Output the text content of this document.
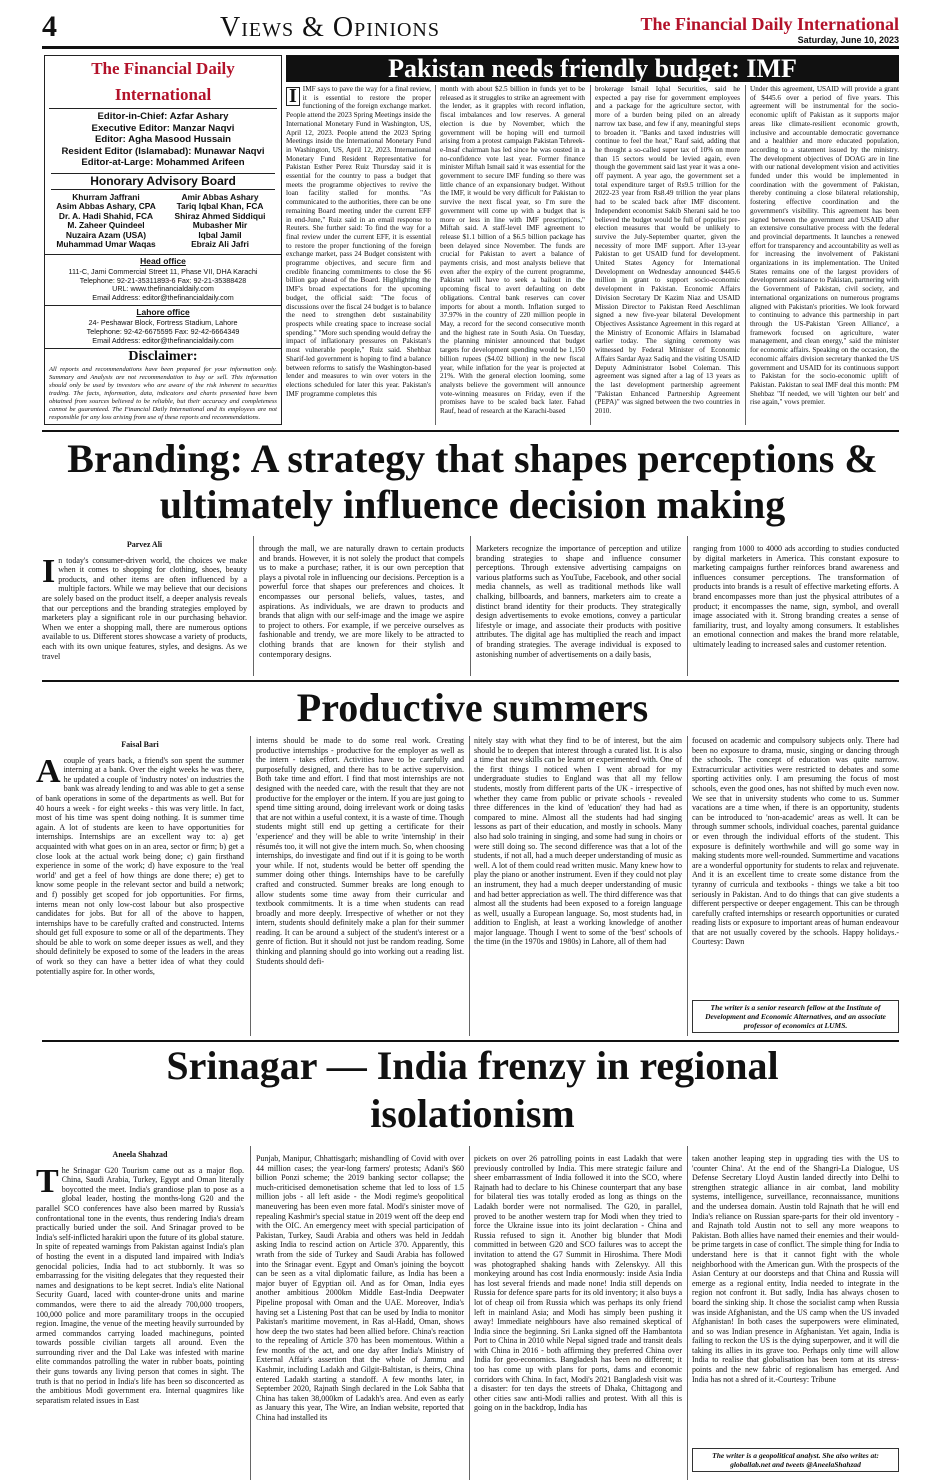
4	Views & Opinions	The Financial Daily International
Saturday, June 10, 2023
The Financial Daily International
Editor-in-Chief: Azfar Ashary
Executive Editor: Manzar Naqvi
Editor: Agha Masood Hussain
Resident Editor (Islamabad): Munawar Naqvi
Editor-at-Large: Mohammed Arifeen
Honorary Advisory Board
Khurram Jaffrani
Asim Abbas Ashary, CPA
Dr. A. Hadi Shahid, FCA
M. Zaheer Quindeel
Nuzaira Azam (USA)
Muhammad Umar Waqas
Amir Abbas Ashary
Tariq Iqbal Khan, FCA
Shiraz Ahmed Siddiqui
Mubasher Mir
Iqbal Jamil
Ebraiz Ali Jafri
Head office
111-C, Jami Commercial Street 11, Phase VII, DHA Karachi
Telephone: 92-21-35311893-6 Fax: 92-21-35388428
URL: www.thefinancialdaily.com
Email Address: editor@thefinancialdaily.com
Lahore office
24- Peshawar Block, Fortress Stadium, Lahore
Telephone: 92-42-6675595 Fax: 92-42-6664349
Email Address: editor@thefinancialdaily.com
Disclaimer:
All reports and recommendations have been prepared for your information only. Summary and Analysis are not recommendation to buy or sell. This information should only be used by investors who are aware of the risk inherent in securities trading. The facts, information, data, indicators and charts presented have been obtained from sources believed to be reliable, but their accuracy and completeness cannot be guaranteed. The Financial Daily International and its employees are not responsible for any loss arising from use of these reports and recommendations.
Pakistan needs friendly budget: IMF
I IMF says to pave the way for a final review, it is essential to restore the proper functioning of the foreign exchange market. People attend the 2023 Spring Meetings inside the International Monetary Fund in Washington, US, April 12, 2023. People attend the 2023 Spring Meetings inside the International Monetary Fund in Washington, US, April 12, 2023. International Monetary Fund Resident Representative for Pakistan Esther Perez Ruiz Thursday said it is essential for the country to pass a budget that meets the programme objectives to revive the loan facility stalled for months. "As communicated to the authorities, there can be one remaining Board meeting under the current EFF in end-June," Ruiz said in an email response to Reuters. She further said: To find the way for a final review under the current EFF, it is essential to restore the proper functioning of the foreign exchange market, pass 24 Budget consistent with programme objectives, and secure firm and credible financing commitments to close the $6 billion gap ahead of the Board. Highlighting the IMF's broad expectations for the upcoming budget, the official said: "The focus of discussions over the fiscal 24 budget is to balance the need to strengthen debt sustainability prospects while creating space to increase social spending." "More such spending would defray the impact of inflationary pressures on Pakistan's most vulnerable people," Ruiz said. Shehbaz Sharif-led government is hoping to find a balance between reforms to satisfy the Washington-based lender and measures to win over voters in the elections scheduled for later this year. Pakistan's IMF programme completes this
month with about $2.5 billion in funds yet to be released as it struggles to strike an agreement with the lender, as it grapples with record inflation, fiscal imbalances and low reserves. A general election is due by November, which the government will be hoping will end turmoil arising from a protest campaign Pakistan Tehreek-e-Insaf chairman has led since he was ousted in a no-confidence vote last year. Former finance minister Miftah Ismail said it was essential for the government to secure IMF funding so there was little chance of an expansionary budget. Without the IMF, it would be very difficult for Pakistan to survive the next fiscal year, so I'm sure the government will come up with a budget that is more or less in line with IMF prescriptions," Miftah said. A staff-level IMF agreement to release $1.1 billion of a $6.5 billion package has been delayed since November. The funds are crucial for Pakistan to avert a balance of payments crisis, and most analysts believe that even after the expiry of the current programme, Pakistan will have to seek a bailout in the upcoming fiscal to avert defaulting on debt obligations. Central bank reserves can cover imports for about a month. Inflation surged to 37.97% in the country of 220 million people in May, a record for the second consecutive month and the highest rate in South Asia. On Tuesday, the planning minister announced that budget targets for development spending would be 1,150 billion rupees ($4.02 billion) in the new fiscal year, while inflation for the year is projected at 21%. With the general election looming, some analysts believe the government will announce vote-winning measures on Friday, even if the promises have to be scaled back later. Fahad Rauf, head of research at the Karachi-based
brokerage Ismail Iqbal Securities, said he expected a pay rise for government employees and a package for the agriculture sector, with more of a burden being piled on an already narrow tax base, and few if any, meaningful steps to broaden it. "Banks and taxed industries will continue to feel the heat," Rauf said, adding that he thought a so-called super tax of 10% on more than 15 sectors would be levied again, even though the government said last year it was a one-off payment. A year ago, the government set a total expenditure target of Rs9.5 trillion for the 2022-23 year from Rs8.49 trillion the year plans had to be scaled back after IMF discontent. Independent economist Sakib Sherani said he too believed the budget would be full of populist pre-election measures that would be unlikely to survive the July-September quarter, given the necessity of more IMF support. After 13-year Pakistan to get USAID fund for development. United States Agency for International Development on Wednesday announced $445.6 million in grant to support socio-economic development in Pakistan. Economic Affairs Division Secretary Dr Kazim Niaz and USAID Mission Director to Pakistan Reed Aeschliman signed a new five-year bilateral Development Objectives Assistance Agreement in this regard at the Ministry of Economic Affairs in Islamabad earlier today. The signing ceremony was witnessed by Federal Minister of Economic Affairs Sardar Ayaz Sadiq and the visiting USAID Deputy Administrator Isobel Coleman. This agreement was signed after a lag of 13 years as the last development partnership agreement "Pakistan Enhanced Partnership Agreement (PEPA)" was signed between the two countries in 2010.
Under this agreement, USAID will provide a grant of $445.6 over a period of five years. This agreement will be instrumental for the socio-economic uplift of Pakistan as it supports major areas like climate-resilient economic growth, inclusive and accountable democratic governance and a healthier and more educated population, according to a statement issued by the ministry. The development objectives of DOAG are in line with our national development vision and activities funded under this would be implemented in coordination with the government of Pakistan, thereby continuing a close bilateral relationship, fostering effective coordination and the government's visibility. This agreement has been signed between the government and USAID after an extensive consultative process with the federal and provincial departments. It launches a renewed effort for transparency and accountability as well as for increasing the involvement of Pakistani organizations in its implementation. The United States remains one of the largest providers of development assistance to Pakistan, partnering with the Government of Pakistan, civil society, and international organizations on numerous programs aligned with Pakistan's priorities. We look forward to continuing to advance this partnership in part through the US-Pakistan 'Green Alliance', a framework focused on agriculture, water management, and clean energy," said the minister for economic affairs. Speaking on the occasion, the economic affairs division secretary thanked the US government and USAID for its continuous support to Pakistan for the socio-economic uplift of Pakistan. Pakistan to seal IMF deal this month: PM Shehbaz "If needed, we will 'tighten our belt' and rise again," vows premier.
Branding: A strategy that shapes perceptions & ultimately influence decision making
Parvez Ali
I n today's consumer-driven world, the choices we make when it comes to shopping for clothing, shoes, beauty products, and other items are often influenced by a multiple factors. While we may believe that our decisions are solely based on the product itself, a deeper analysis reveals that our perceptions and the branding strategies employed by marketers play a significant role in our purchasing behavior. When we enter a shopping mall, there are numerous options available to us. Different stores showcase a variety of products, each with its own unique features, styles, and designs. As we travel
through the mall, we are naturally drawn to certain products and brands. However, it is not solely the product that compels us to make a purchase; rather, it is our own perception that plays a pivotal role in influencing our decisions. Perception is a powerful force that shapes our preferences and choices. It encompasses our personal beliefs, values, tastes, and aspirations. As individuals, we are drawn to products and brands that align with our self-image and the image we aspire to project to others. For example, if we perceive ourselves as fashionable and trendy, we are more likely to be attracted to clothing brands that are known for their stylish and contemporary designs.
Marketers recognize the importance of perception and utilize branding strategies to shape and influence consumer perceptions. Through extensive advertising campaigns on various platforms such as YouTube, Facebook, and other social media channels, as well as traditional methods like wall chalking, billboards, and banners, marketers aim to create a distinct brand identity for their products. They strategically design advertisements to evoke emotions, convey a particular lifestyle or image, and associate their products with positive attributes. The digital age has multiplied the reach and impact of branding strategies. The average individual is exposed to astonishing number of advertisements on a daily basis,
ranging from 1000 to 4000 ads according to studies conducted by digital marketers in America. This constant exposure to marketing campaigns further reinforces brand awareness and influences consumer perceptions. The transformation of products into brands is a result of effective marketing efforts. A brand encompasses more than just the physical attributes of a product; it encompasses the name, sign, symbol, and overall image associated with it. Strong branding creates a sense of familiarity, trust, and loyalty among consumers. It establishes an emotional connection and makes the brand more relatable, ultimately leading to increased sales and customer retention.
Productive summers
Faisal Bari
A couple of years back, a friend's son spent the summer interning at a bank. Over the eight weeks he was there, he updated a couple of 'industry notes' on industries the bank was already lending to and was able to get a sense of bank operations in some of the departments as well. But for 40 hours a week - for eight weeks - this was very little. In fact, most of his time was spent doing nothing. It is summer time again. A lot of students are keen to have opportunities for internships. Internships are an excellent way to: a) get acquainted with what goes on in an area, sector or firm; b) get a close look at the actual work being done; c) gain firsthand experience in some of the work; d) have exposure to the 'real world' and get a feel of how things are done there; e) get to know some people in the relevant sector and build a network; and f) possibly get scoped for job opportunities. For firms, interns mean not only low-cost labour but also prospective candidates for jobs. But for all of the above to happen, internships have to be carefully crafted and constructed. Interns should get full exposure to some or all of the departments. They should be able to work on some deeper issues as well, and they should definitely be exposed to some of the leaders in the areas of work so they can have a better idea of what they could potentially aspire for. In other words,
interns should be made to do some real work. Creating productive internships - productive for the employer as well as the intern - takes effort. Activities have to be carefully and purposefully designed, and there has to be active supervision. Both take time and effort. I find that most internships are not designed with the needed care, with the result that they are not productive for the employer or the intern. If you are just going to spend time sitting around, doing irrelevant work or doing tasks that are not within a useful context, it is a waste of time. Though students might still end up getting a certificate for their 'experience' and they will be able to write 'internship' in their résumés too, it will not give the intern much. So, when choosing internships, do investigate and find out if it is going to be worth your while. If not, students would be better off spending the summer doing other things. Internships have to be carefully crafted and constructed. Summer breaks are long enough to allow students some time away from their curricular and textbook commitments. It is a time when students can read broadly and more deeply. Irrespective of whether or not they intern, students should definitely make a plan for their summer reading. It can be around a subject of the student's interest or a genre of fiction. But it should not just be random reading. Some thinking and planning should go into working out a reading list. Students should defi-
nitely stay with what they find to be of interest, but the aim should be to deepen that interest through a curated list. It is also a time that new skills can be learnt or experimented with. One of the first things I noticed when I went abroad for my undergraduate studies to England was that all my fellow students, mostly from different parts of the UK - irrespective of whether they came from public or private schools - revealed three differences in the kind of 'education' they had had as compared to mine. Almost all the students had had singing lessons as part of their education, and mostly in schools. Many also had solo training in singing, and some had sung in choirs or were still doing so. The second difference was that a lot of the students, if not all, had a much deeper understanding of music as well. A lot of them could read written music. Many knew how to play the piano or another instrument. Even if they could not play an instrument, they had a much deeper understanding of music and had better appreciation as well. The third difference was that almost all the students had been exposed to a foreign language as well, usually a European language. So, most students had, in addition to English, at least a working knowledge of another major language. Though I went to some of the 'best' schools of the time (in the 1970s and 1980s) in Lahore, all of them had
focused on academic and compulsory subjects only. There had been no exposure to drama, music, singing or dancing through the schools. The concept of education was quite narrow. Extracurricular activities were restricted to debates and some sporting activities only. I am presuming the focus of most schools, even the good ones, has not shifted by much even now. We see that in university students who come to us. Summer vacations are a time when, if there is an opportunity, students can be introduced to 'non-academic' areas as well. It can be through summer schools, individual coaches, parental guidance or even through the individual efforts of the student. This exposure is definitely worthwhile and will go some way in making students more well-rounded. Summertime and vacations are a wonderful opportunity for students to relax and rejuvenate. And it is an excellent time to create some distance from the tyranny of curricula and textbooks - things we take a bit too seriously in Pakistan. And to do things that can give students a different perspective or deeper engagement. This can be through carefully crafted internships or research opportunities or curated reading lists or exposure to important areas of human endeavour that are not usually covered by the schools. Happy holidays.-Courtesy: Dawn
The writer is a senior research fellow at the Institute of Development and Economic Alternatives, and an associate professor of economics at LUMS.
Srinagar — India frenzy in regional isolationism
Aneela Shahzad
T he Srinagar G20 Tourism came out as a major flop. China, Saudi Arabia, Turkey, Egypt and Oman literally boycotted the meet. India's grandiose plan to pose as a global leader, hosting the months-long G20 and the parallel SCO conferences have also been marred by Russia's confrontational tone in the events, thus rendering India's dream practically buried under the soil. And Srinagar proved to be India's self-inflicted harakiri upon the future of its global stature. In spite of repeated warnings from Pakistan against India's plan of hosting the event in a disputed land impaired with India's genocidal policies, India had to act stubbornly. It was so embarrassing for the visiting delegates that they requested their names and designations to be kept secret. India's elite National Security Guard, laced with counter-drone units and marine commandos, were there to aid the already 700,000 troopers, 100,000 police and more paramilitary troops in the occupied region. Imagine, the venue of the meeting heavily surrounded by armed commandos carrying loaded machineguns, pointed towards possible civilian targets all around. Even the surrounding river and the Dal Lake was infested with marine elite commandos patrolling the water in rubber boats, pointing their guns towards any living person that comes in sight. The truth is that no period in India's life has been so disconcerted as the ambitious Modi government era. Internal quagmires like separatism related issues in East
Punjab, Manipur, Chhattisgarh; mishandling of Covid with over 44 million cases; the year-long farmers' protests; Adani's $60 billion Ponzi scheme; the 2019 banking sector collapse; the much-criticised demonetisation scheme that led to loss of 1.5 million jobs - all left aside - the Modi regime's geopolitical maneuvering has been even more fatal. Modi's sinister move of repealing Kashmir's special statue in 2019 went off the deep end with the OIC. An emergency meet with special participation of Pakistan, Turkey, Saudi Arabia and others was held in Jeddah asking India to rescind action on Article 370. Apparently, this wrath from the side of Turkey and Saudi Arabia has followed into the Srinagar event. Egypt and Oman's joining the boycott can be seen as a vital diplomatic failure, as India has been a major buyer of Egyptian oil. And as for Oman, India eyes another ambitious 2000km Middle East-India Deepwater Pipeline proposal with Oman and the UAE. Moreover, India's having set a Listening Post that can be used by India to monitor Pakistan's maritime movement, in Ras al-Hadd, Oman, shows how deep the two states had been allied before. China's reaction to the repealing of Article 370 has been momentous. Within a few months of the act, and one day after India's Ministry of External Affair's assertion that the whole of Jammu and Kashmir, including Ladakh and Gilgit-Baltistan, is theirs, China entered Ladakh starting a standoff. A few months later, in September 2020, Rajnath Singh declared in the Lok Sabha that China has taken 38,000km of Ladakh's area. And even as early as January this year, The Wire, an Indian website, reported that China had installed its
pickets on over 26 patrolling points in east Ladakh that were previously controlled by India. This mere strategic failure and sheer embarrassment of India followed it into the SCO, where Rajnath had to declare to his Chinese counterpart that any base for bilateral ties was totally eroded as long as things on the Ladakh border were not normalised. The G20, in parallel, proved to be another western trap for Modi when they tried to force the Ukraine issue into its joint declaration - China and Russia refused to sign it. Another big blunder that Modi committed in between G20 and SCO failures was to accept the invitation to attend the G7 Summit in Hiroshima. There Modi was photographed shaking hands with Zelenskyy. All this monkeying around has cost India enormously: inside Asia India has lost several friends and made none! India still depends on Russia for defence spare parts for its old inventory; it also buys a lot of cheap oil from Russia which was perhaps its only friend left in mainland Asia; and Modi has simply been pushing it away! Immediate neighbours have also remained skeptical of India since the beginning. Sri Lanka signed off the Hambantota Port to China in 2010 while Nepal signed trade and transit deals with China in 2016 - both affirming they preferred China over India for geo-economics. Bangladesh has been no different; it too has come up with plans for ports, dams and economic corridors with China. In fact, Modi's 2021 Bangladesh visit was a disaster: for ten days the streets of Dhaka, Chittagong and other cities saw anti-Modi rallies and protest. With all this is going on in the backdrop, India has
taken another leaping step in upgrading ties with the US to 'counter China'. At the end of the Shangri-La Dialogue, US Defense Secretary Lloyd Austin landed directly into Delhi to strengthen strategic alliance in air combat, land mobility systems, intelligence, surveillance, reconnaissance, munitions and the undersea domain. Austin told Rajnath that he will end India's reliance on Russian spare-parts for their old inventory - and Rajnath told Austin not to sell any more weapons to Pakistan. Both allies have named their enemies and their would-be prime targets in case of conflict. The simple thing for India to understand here is that it cannot fight with the whole neighborhood with the American gun. With the prospects of the Asian Century at our doorsteps and that China and Russia will emerge as a regional entity, India needed to integrate in the region not confront it. But sadly, India has always chosen to board the sinking ship. It chose the socialist camp when Russia was inside Afghanistan, and the US camp when the US invaded Afghanistan! In both cases the superpowers were eliminated, and so was Indian presence in Afghanistan. Yet again, India is failing to reckon the US is the dying superpower, and it will die taking its allies in its grave too. Perhaps only time will allow India to realise that globalisation has been torn at its stress-points and the new fabric of regionalism has emerged. And India has not a shred of it.-Courtesy: Tribune
The writer is a geopolitical analyst. She also writes at: globallab.net and tweets @AneelaShahzad
